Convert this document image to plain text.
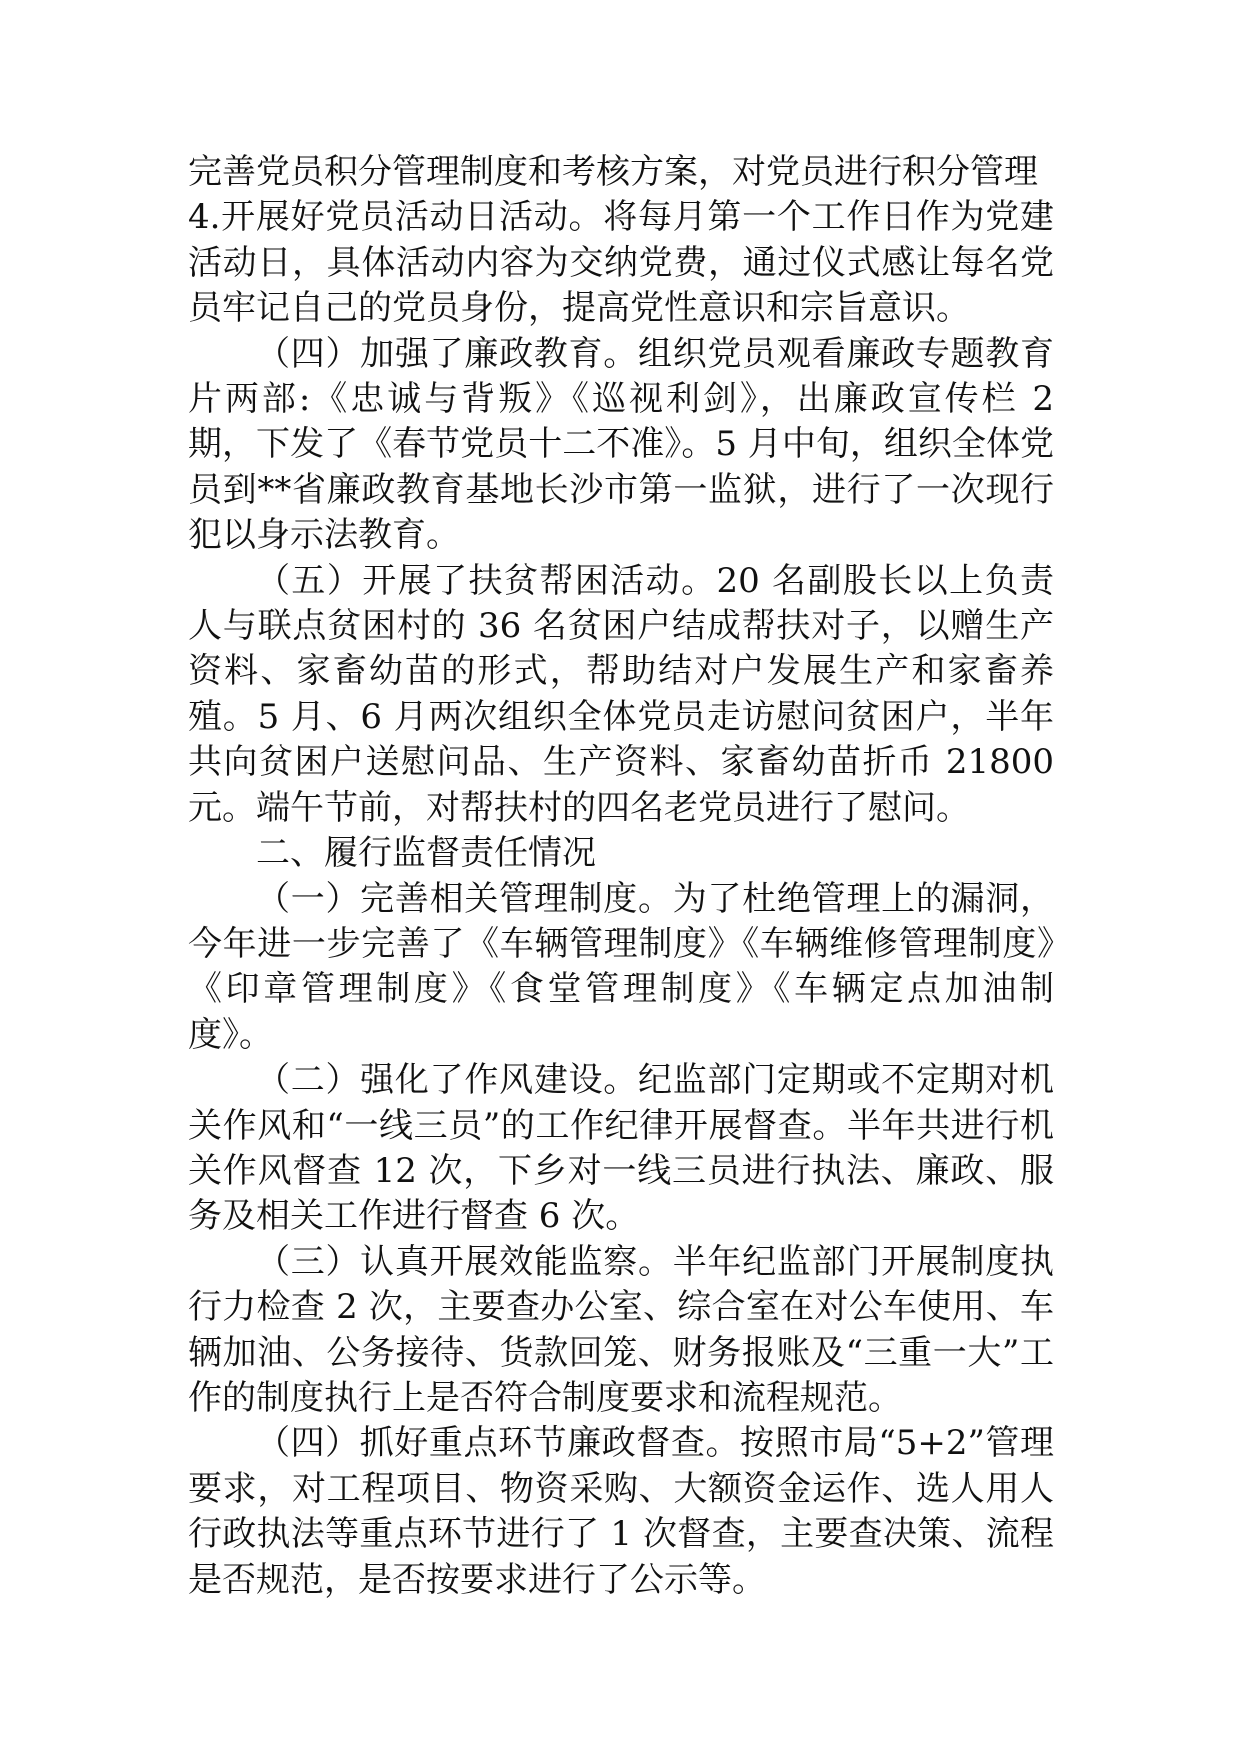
完善党员积分管理制度和考核方案，对党员进行积分管理

4.开展好党员活动日活动。将每月第一个工作日作为党建活动日，具体活动内容为交纳党费，通过仪式感让每名党员牢记自己的党员身份，提高党性意识和宗旨意识。

（四）加强了廉政教育。组织党员观看廉政专题教育片两部:《忠诚与背叛》《巡视利剑》，出廉政宣传栏 2 期，下发了《春节党员十二不准》。5 月中旬，组织全体党员到**省廉政教育基地长沙市第一监狱，进行了一次现行犯以身示法教育。

（五）开展了扶贫帮困活动。20 名副股长以上负责人与联点贫困村的 36 名贫困户结成帮扶对子，以赠生产资料、家畜幼苗的形式，帮助结对户发展生产和家畜养殖。5 月、6 月两次组织全体党员走访慰问贫困户，半年共向贫困户送慰问品、生产资料、家畜幼苗折币 21800 元。端午节前，对帮扶村的四名老党员进行了慰问。

二、履行监督责任情况

（一）完善相关管理制度。为了杜绝管理上的漏洞，今年进一步完善了《车辆管理制度》《车辆维修管理制度》《印章管理制度》《食堂管理制度》《车辆定点加油制度》。

（二）强化了作风建设。纪监部门定期或不定期对机关作风和“一线三员”的工作纪律开展督查。半年共进行机关作风督查 12 次，下乡对一线三员进行执法、廉政、服务及相关工作进行督查 6 次。

（三）认真开展效能监察。半年纪监部门开展制度执行力检查 2 次，主要查办公室、综合室在对公车使用、车辆加油、公务接待、货款回笼、财务报账及“三重一大”工作的制度执行上是否符合制度要求和流程规范。

（四）抓好重点环节廉政督查。按照市局“5+2”管理要求，对工程项目、物资采购、大额资金运作、选人用人行政执法等重点环节进行了 1 次督查，主要查决策、流程是否规范，是否按要求进行了公示等。
